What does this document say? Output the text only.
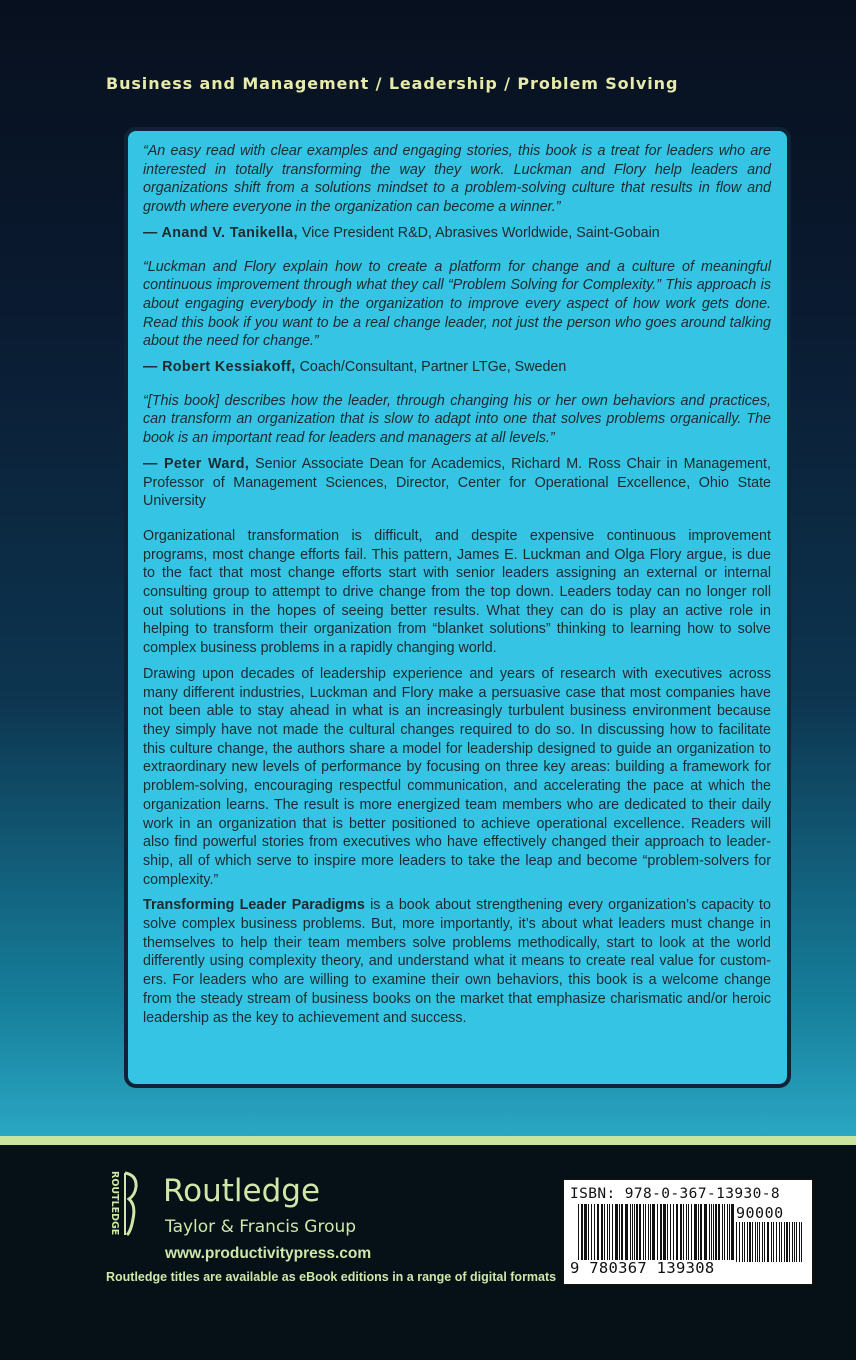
Business and Management / Leadership / Problem Solving

“An easy read with clear examples and engaging stories, this book is a treat for leaders who are interested in totally transforming the way they work. Luckman and Flory help leaders and organizations shift from a solutions mindset to a problem-solving culture that results in flow and growth where everyone in the organization can become a winner.”

— Anand V. Tanikella, Vice President R&D, Abrasives Worldwide, Saint-Gobain

“Luckman and Flory explain how to create a platform for change and a culture of meaningful continuous improvement through what they call “Problem Solving for Complexity.” This approach is about engaging everybody in the organization to improve every aspect of how work gets done. Read this book if you want to be a real change leader, not just the person who goes around talking about the need for change.”

— Robert Kessiakoff, Coach/Consultant, Partner LTGe, Sweden

“[This book] describes how the leader, through changing his or her own behaviors and practices, can transform an organization that is slow to adapt into one that solves problems organically. The book is an important read for leaders and managers at all levels.”

— Peter Ward, Senior Associate Dean for Academics, Richard M. Ross Chair in Management, Professor of Management Sciences, Director, Center for Operational Excellence, Ohio State University

Organizational transformation is difficult, and despite expensive continuous improvement programs, most change efforts fail. This pattern, James E. Luckman and Olga Flory argue, is due to the fact that most change efforts start with senior leaders assigning an external or internal consulting group to attempt to drive change from the top down. Leaders today can no longer roll out solutions in the hopes of seeing better results. What they can do is play an active role in helping to transform their organization from “blanket solutions” thinking to learning how to solve complex business problems in a rapidly changing world.

Drawing upon decades of leadership experience and years of research with executives across many different industries, Luckman and Flory make a persuasive case that most companies have not been able to stay ahead in what is an increasingly turbulent business environment because they simply have not made the cultural changes required to do so. In discussing how to facilitate this culture change, the authors share a model for leadership designed to guide an organization to extraordinary new levels of performance by focusing on three key areas: building a framework for problem-solving, encouraging respectful communication, and accelerating the pace at which the organization learns. The result is more energized team members who are dedicated to their daily work in an organization that is better positioned to achieve operational excellence. Readers will also find powerful stories from executives who have effectively changed their approach to leadership, all of which serve to inspire more leaders to take the leap and become “problem-solvers for complexity.”

Transforming Leader Paradigms is a book about strengthening every organization’s capacity to solve complex business problems. But, more importantly, it’s about what leaders must change in themselves to help their team members solve problems methodically, start to look at the world differently using complexity theory, and understand what it means to create real value for customers. For leaders who are willing to examine their own behaviors, this book is a welcome change from the steady stream of business books on the market that emphasize charismatic and/or heroic leadership as the key to achievement and success.

ROUTLEDGE Routledge
Taylor & Francis Group
www.productivitypress.com
Routledge titles are available as eBook editions in a range of digital formats
ISBN: 978-0-367-13930-8
90000
9 780367 139308
